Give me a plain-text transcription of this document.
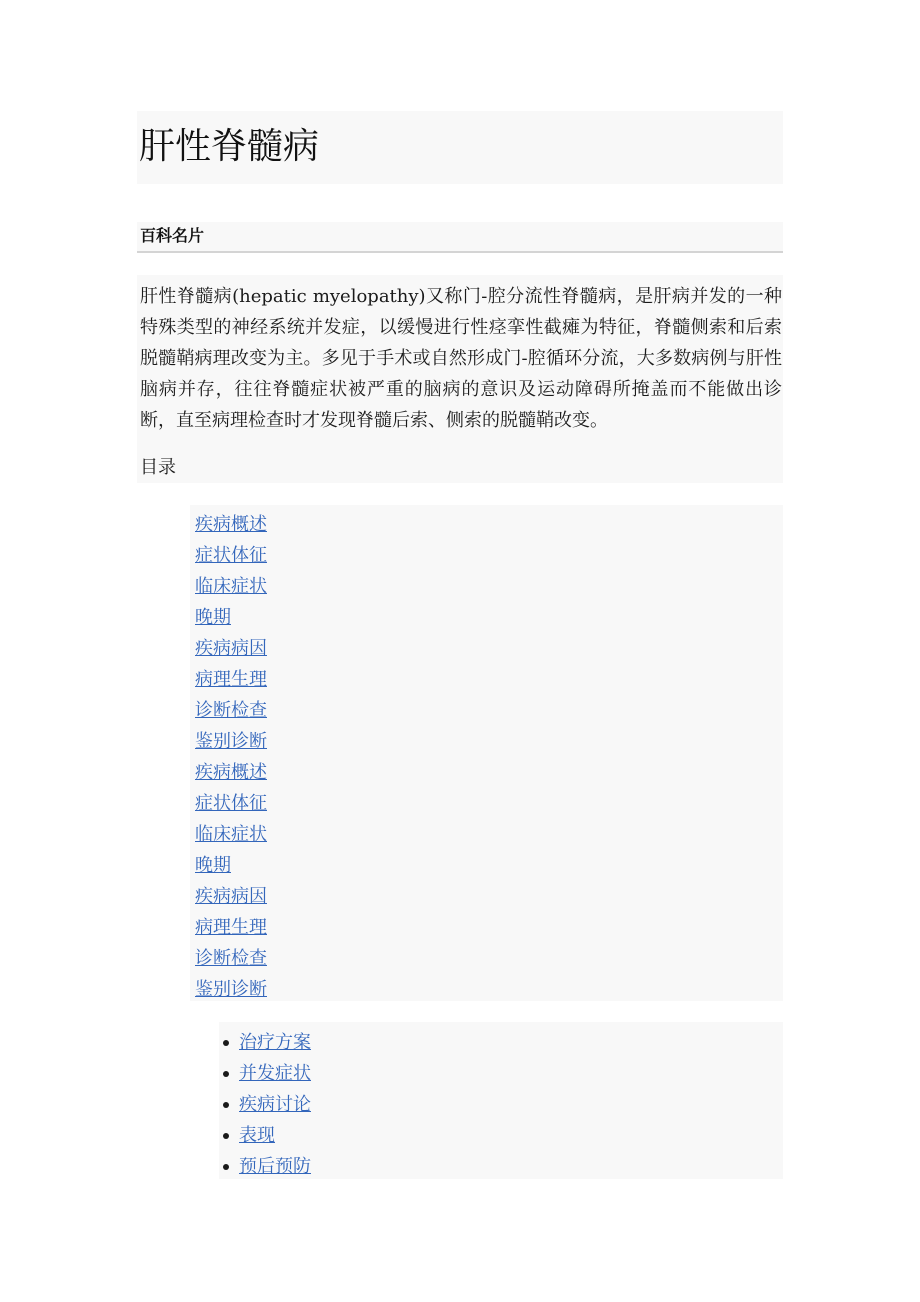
肝性脊髓病
百科名片

肝性脊髓病(hepatic myelopathy)又称门-腔分流性脊髓病，是肝病并发的一种特殊类型的神经系统并发症，以缓慢进行性痉挛性截瘫为特征，脊髓侧索和后索脱髓鞘病理改变为主。多见于手术或自然形成门-腔循环分流，大多数病例与肝性脑病并存，往往脊髓症状被严重的脑病的意识及运动障碍所掩盖而不能做出诊断，直至病理检查时才发现脊髓后索、侧索的脱髓鞘改变。

目录
疾病概述
症状体征
临床症状
晚期
疾病病因
病理生理
诊断检查
鉴别诊断
疾病概述
症状体征
临床症状
晚期
疾病病因
病理生理
诊断检查
鉴别诊断
治疗方案
并发症状
疾病讨论
表现
预后预防
